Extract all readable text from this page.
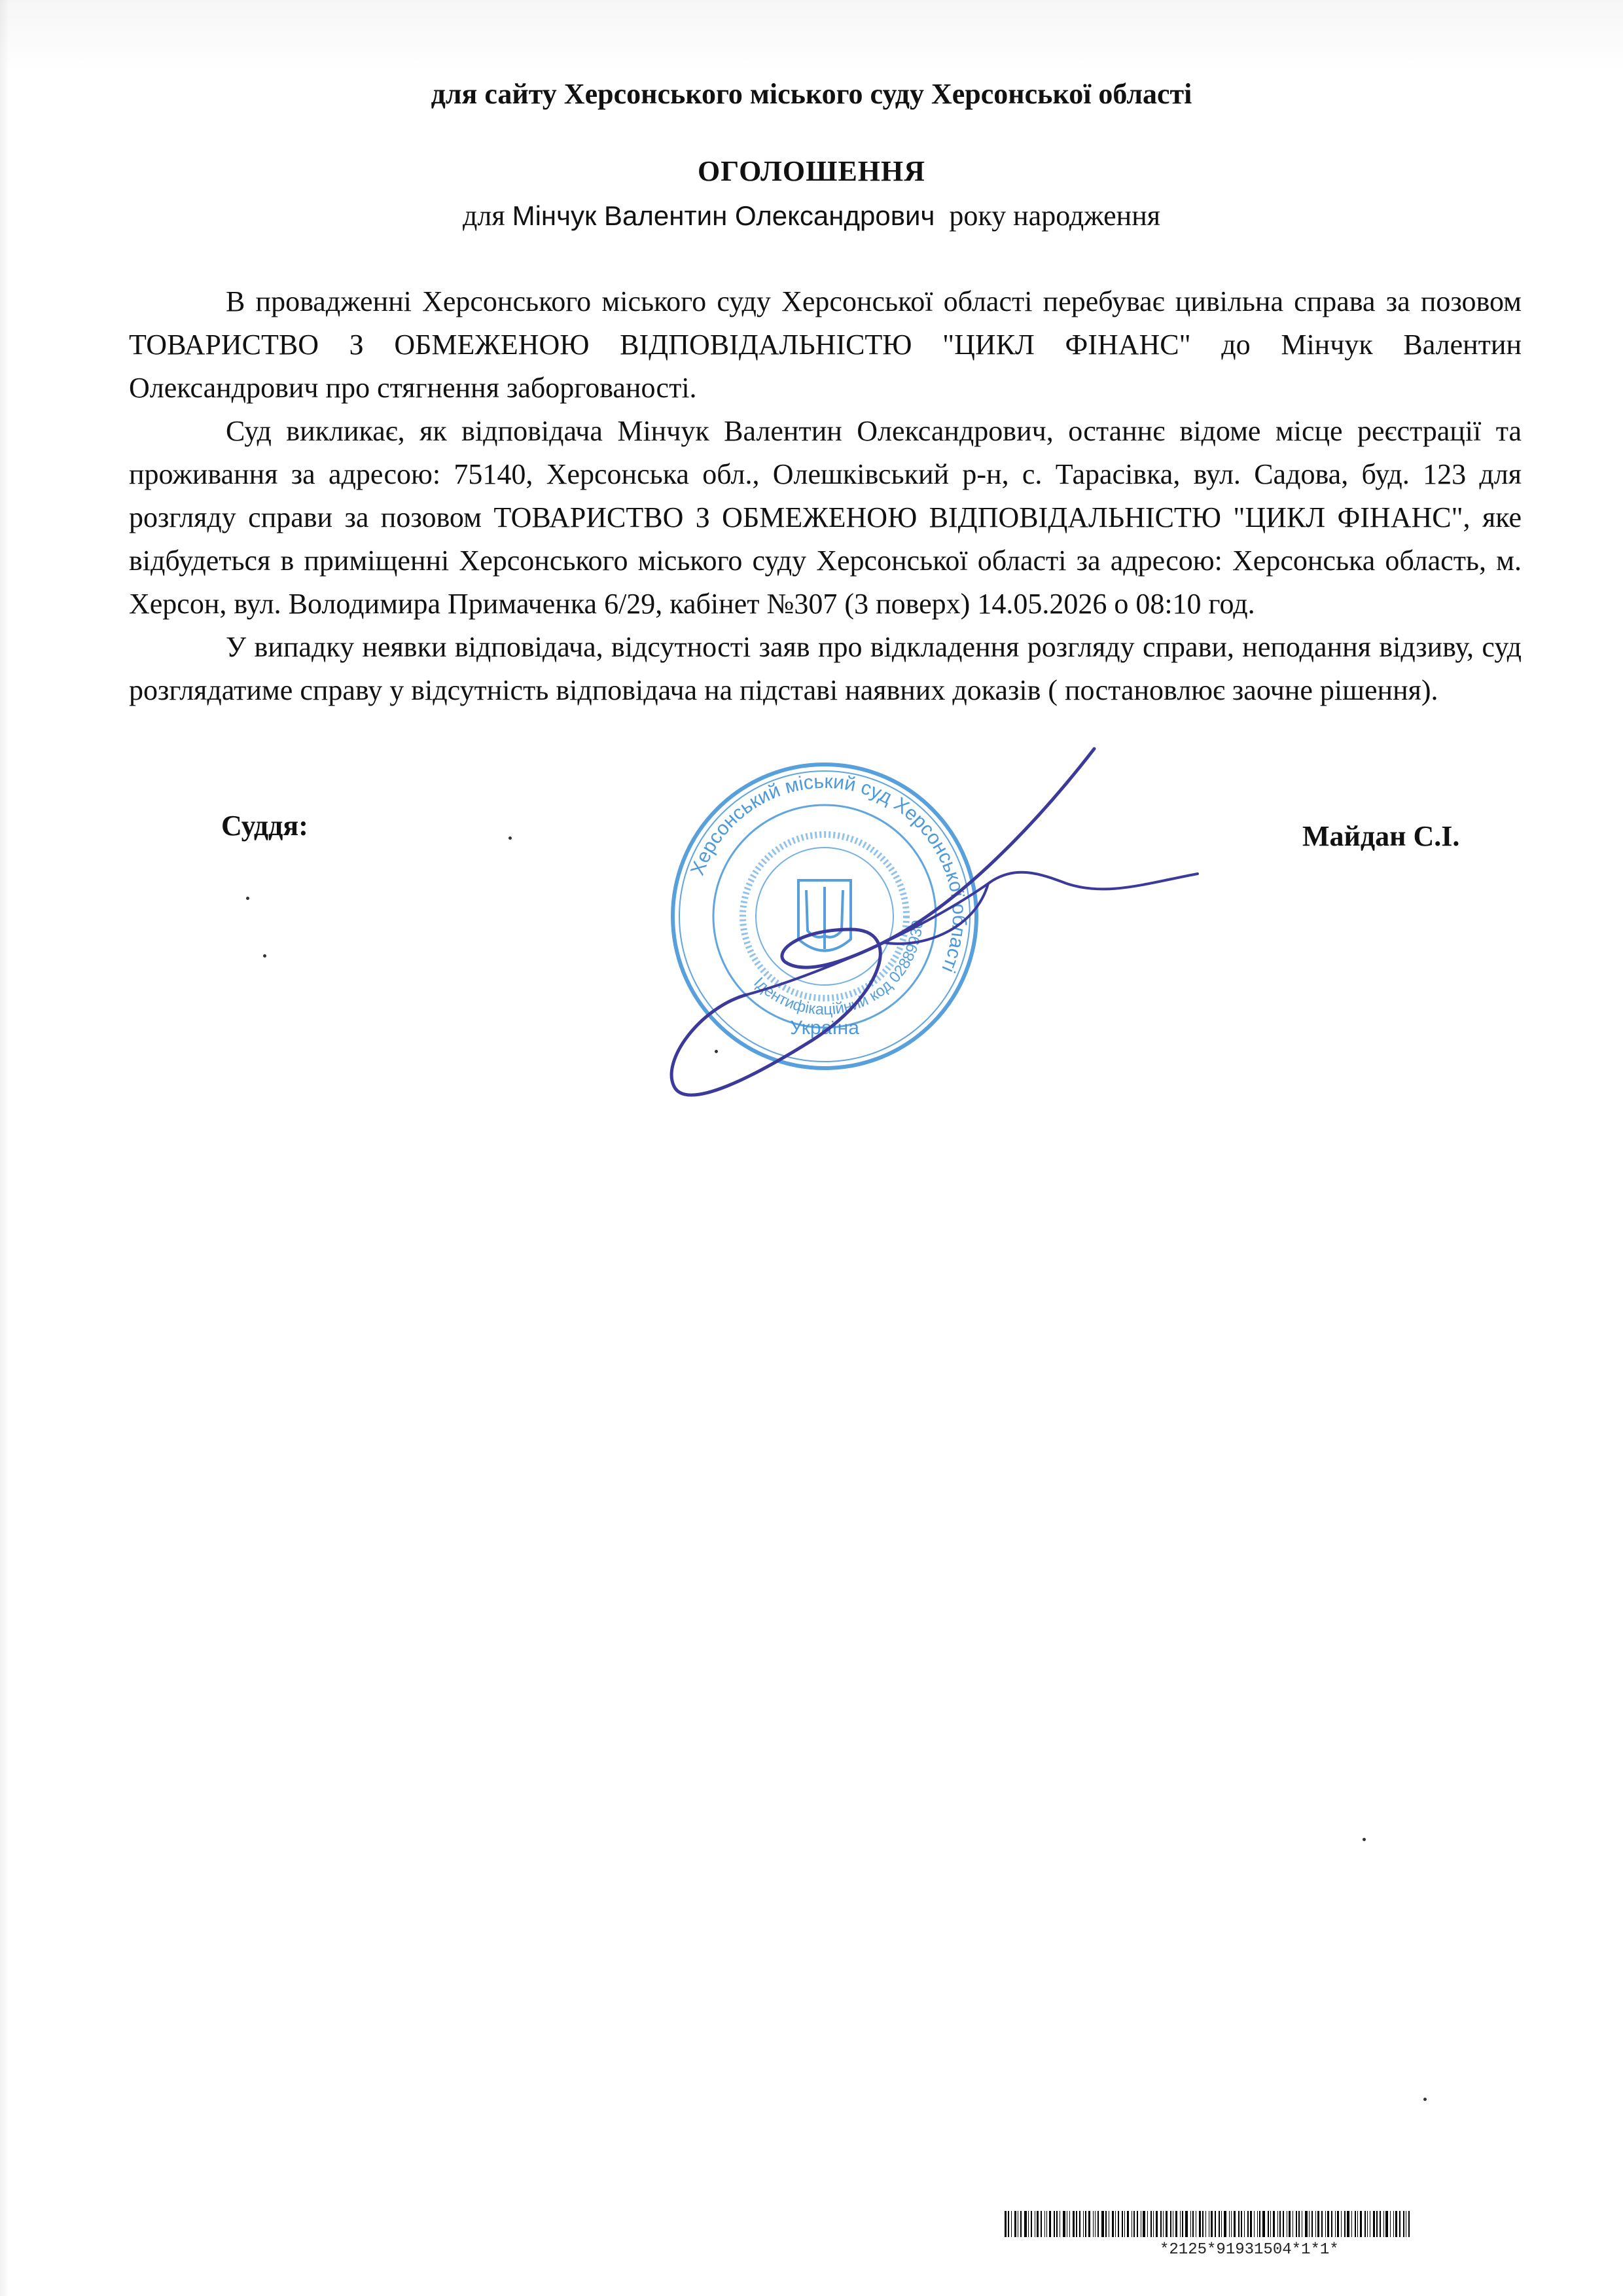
для сайту Херсонського міського суду Херсонської області
ОГОЛОШЕННЯ
для Мінчук Валентин Олександрович року народження

В провадженні Херсонського міського суду Херсонської області перебуває цивільна справа за позовом ТОВАРИСТВО З ОБМЕЖЕНОЮ ВІДПОВІДАЛЬНІСТЮ "ЦИКЛ ФІНАНС" до Мінчук Валентин Олександрович про стягнення заборгованості.

Суд викликає, як відповідача Мінчук Валентин Олександрович, останнє відоме місце реєстрації та проживання за адресою: 75140, Херсонська обл., Олешківський р-н, с. Тарасівка, вул. Садова, буд. 123 для розгляду справи за позовом ТОВАРИСТВО З ОБМЕЖЕНОЮ ВІДПОВІДАЛЬНІСТЮ "ЦИКЛ ФІНАНС", яке відбудеться в приміщенні Херсонського міського суду Херсонської області за адресою: Херсонська область, м. Херсон, вул. Володимира Примаченка 6/29, кабінет №307 (3 поверх) 14.05.2026 о 08:10 год.

У випадку неявки відповідача, відсутності заяв про відкладення розгляду справи, неподання відзиву, суд розглядатиме справу у відсутність відповідача на підставі наявних доказів ( постановлює заочне рішення).

Суддя:	Майдан С.І.
Херсонський міський суд Херсонської області
Ідентифікаційний код 02889930
Україна
*2125*91931504*1*1*
